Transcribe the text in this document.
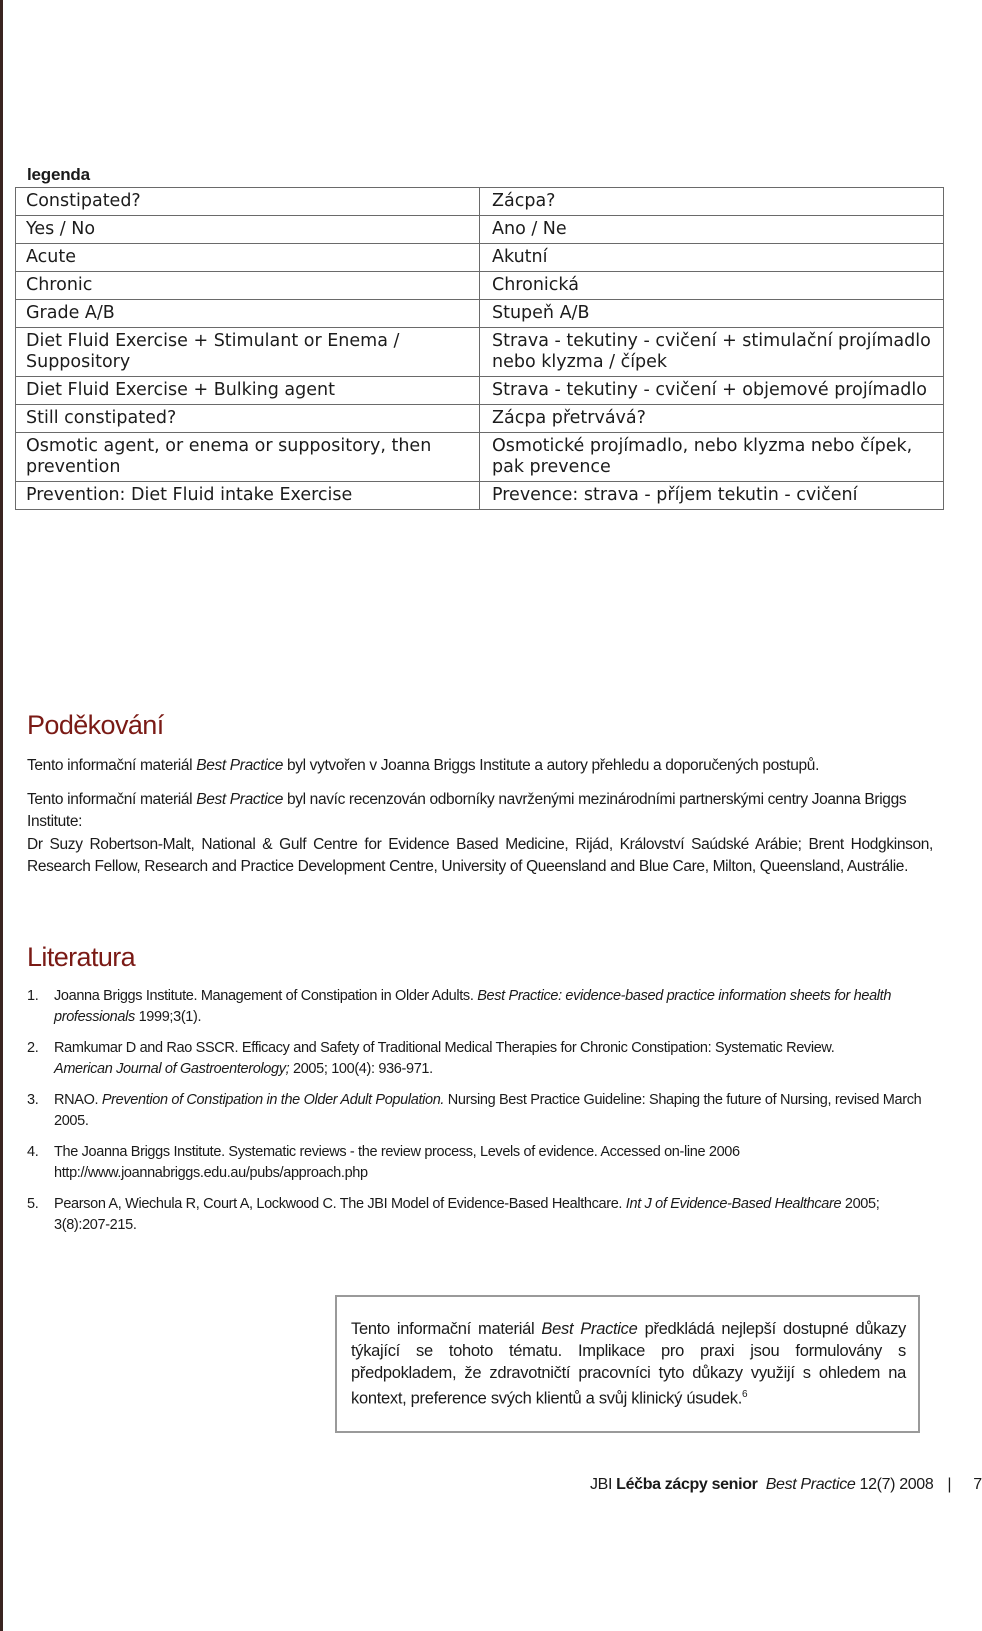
legenda
Constipated?	Zácpa?
Yes / No	Ano / Ne
Acute	Akutní
Chronic	Chronická
Grade A/B	Stupeň A/B
Diet Fluid Exercise + Stimulant or Enema / Suppository	Strava - tekutiny - cvičení + stimulační projímadlo nebo klyzma / čípek
Diet Fluid Exercise + Bulking agent	Strava - tekutiny - cvičení + objemové projímadlo
Still constipated?	Zácpa přetrvává?
Osmotic agent, or enema or suppository, then prevention	Osmotické projímadlo, nebo klyzma nebo čípek, pak prevence
Prevention: Diet Fluid intake Exercise	Prevence: strava - příjem tekutin - cvičení
Poděkování

Tento informační materiál Best Practice byl vytvořen v Joanna Briggs Institute a autory přehledu a doporučených postupů.

Tento informační materiál Best Practice byl navíc recenzován odborníky navrženými mezinárodními partnerskými centry Joanna Briggs Institute:

Dr Suzy Robertson-Malt, National & Gulf Centre for Evidence Based Medicine, Rijád, Království Saúdské Arábie; Brent Hodgkinson, Research Fellow, Research and Practice Development Centre, University of Queensland and Blue Care, Milton, Queensland, Austrálie.

Literatura
1. Joanna Briggs Institute. Management of Constipation in Older Adults. Best Practice: evidence-based practice information sheets for health professionals 1999;3(1).
2. Ramkumar D and Rao SSCR. Efficacy and Safety of Traditional Medical Therapies for Chronic Constipation: Systematic Review.
American Journal of Gastroenterology; 2005; 100(4): 936-971.
3. RNAO. Prevention of Constipation in the Older Adult Population. Nursing Best Practice Guideline: Shaping the future of Nursing, revised March 2005.
4. The Joanna Briggs Institute. Systematic reviews - the review process, Levels of evidence. Accessed on-line 2006 http://www.joannabriggs.edu.au/pubs/approach.php
5. Pearson A, Wiechula R, Court A, Lockwood C. The JBI Model of Evidence-Based Healthcare. Int J of Evidence-Based Healthcare 2005; 3(8):207-215.

Tento informační materiál Best Practice předkládá nejlepší dostupné důkazy týkající se tohoto tématu. Implikace pro praxi jsou formulovány s předpokladem, že zdravotničtí pracovníci tyto důkazy využijí s ohledem na kontext, preference svých klientů a svůj klinický úsudek.$^6$

JBI Léčba zácpy senior Best Practice 12(7) 2008 | 7
